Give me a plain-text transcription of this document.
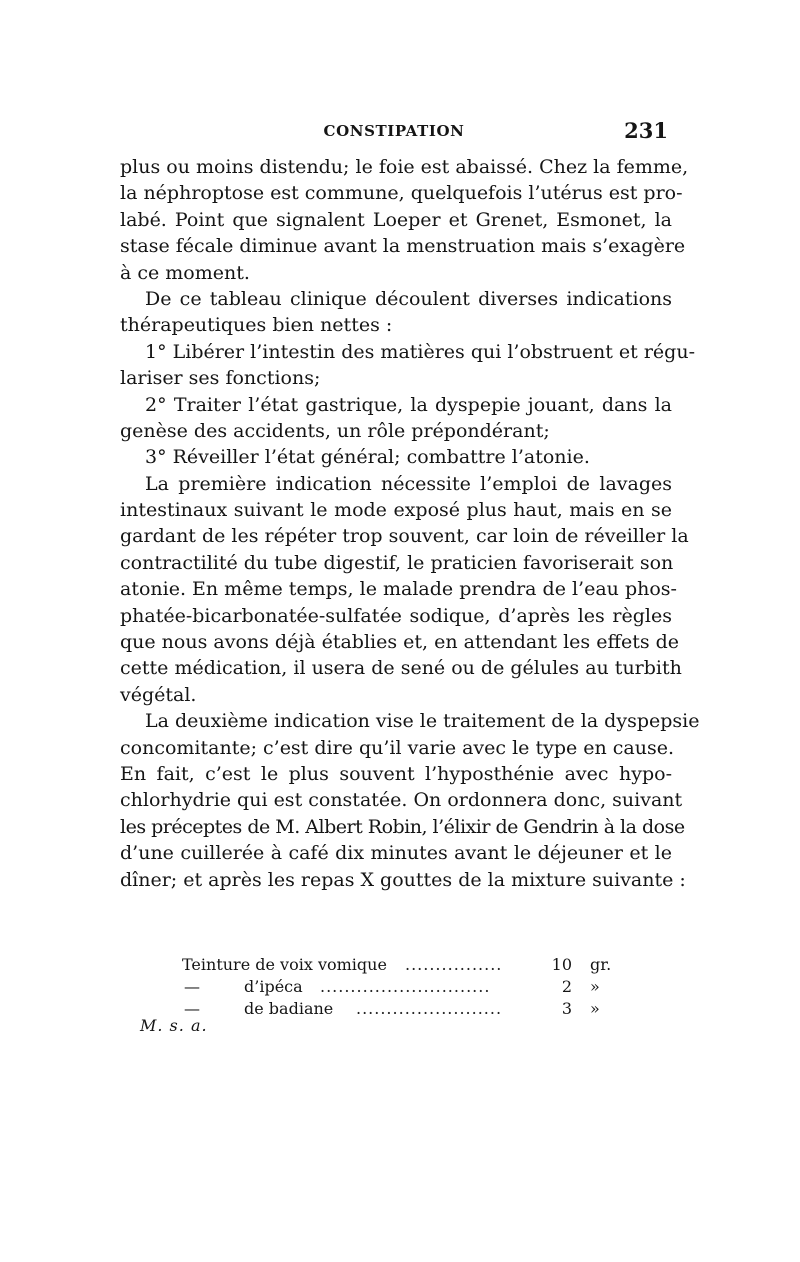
CONSTIPATION	231
plus ou moins distendu; le foie est abaissé. Chez la femme,
la néphroptose est commune, quelquefois l’utérus est pro-
labé. Point que signalent Loeper et Grenet, Esmonet, la
stase fécale diminue avant la menstruation mais s’exagère
à ce moment.
De ce tableau clinique découlent diverses indications
thérapeutiques bien nettes :
1° Libérer l’intestin des matières qui l’obstruent et régu-
lariser ses fonctions;
2° Traiter l’état gastrique, la dyspepie jouant, dans la
genèse des accidents, un rôle prépondérant;
3° Réveiller l’état général; combattre l’atonie.
La première indication nécessite l’emploi de lavages
intestinaux suivant le mode exposé plus haut, mais en se
gardant de les répéter trop souvent, car loin de réveiller la
contractilité du tube digestif, le praticien favoriserait son
atonie. En même temps, le malade prendra de l’eau phos-
phatée-bicarbonatée-sulfatée sodique, d’après les règles
que nous avons déjà établies et, en attendant les effets de
cette médication, il usera de sené ou de gélules au turbith
végétal.
La deuxième indication vise le traitement de la dyspepsie
concomitante; c’est dire qu’il varie avec le type en cause.
En fait, c’est le plus souvent l’hyposthénie avec hypo-
chlorhydrie qui est constatée. On ordonnera donc, suivant
les préceptes de M. Albert Robin, l’élixir de Gendrin à la dose
d’une cuillerée à café dix minutes avant le déjeuner et le
dîner; et après les repas X gouttes de la mixture suivante :
Teinture de voix vomique ................	10 gr.
—	d’ipéca ............................	2 »
—	de badiane ........................	3 »
M. s. a.
